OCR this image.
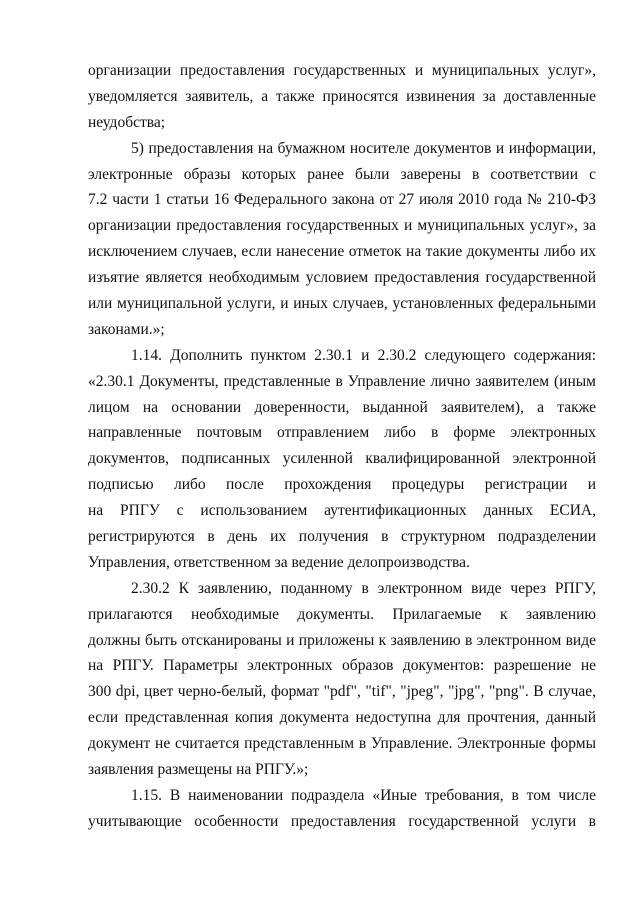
организации предоставления государственных и муниципальных услуг»,
уведомляется заявитель, а также приносятся извинения за доставленные
неудобства;
5) предоставления на бумажном носителе документов и информации,
электронные образы которых ранее были заверены в соответствии с
7.2 части 1 статьи 16 Федерального закона от 27 июля 2010 года № 210-ФЗ
организации предоставления государственных и муниципальных услуг», за
исключением случаев, если нанесение отметок на такие документы либо их
изъятие является необходимым условием предоставления государственной
или муниципальной услуги, и иных случаев, установленных федеральными
законами.»;
1.14. Дополнить пунктом 2.30.1 и 2.30.2 следующего содержания:
«2.30.1 Документы, представленные в Управление лично заявителем (иным
лицом на основании доверенности, выданной заявителем), а также
направленные почтовым отправлением либо в форме электронных
документов, подписанных усиленной квалифицированной электронной
подписью либо после прохождения процедуры регистрации и
на РПГУ с использованием аутентификационных данных ЕСИА,
регистрируются в день их получения в структурном подразделении
Управления, ответственном за ведение делопроизводства.
2.30.2 К заявлению, поданному в электронном виде через РПГУ,
прилагаются необходимые документы. Прилагаемые к заявлению
должны быть отсканированы и приложены к заявлению в электронном виде
на РПГУ. Параметры электронных образов документов: разрешение не
300 dpi, цвет черно-белый, формат "pdf", "tif", "jpeg", "jpg", "png". В случае,
если представленная копия документа недоступна для прочтения, данный
документ не считается представленным в Управление. Электронные формы
заявления размещены на РПГУ.»;
1.15. В наименовании подраздела «Иные требования, в том числе
учитывающие особенности предоставления государственной услуги в
